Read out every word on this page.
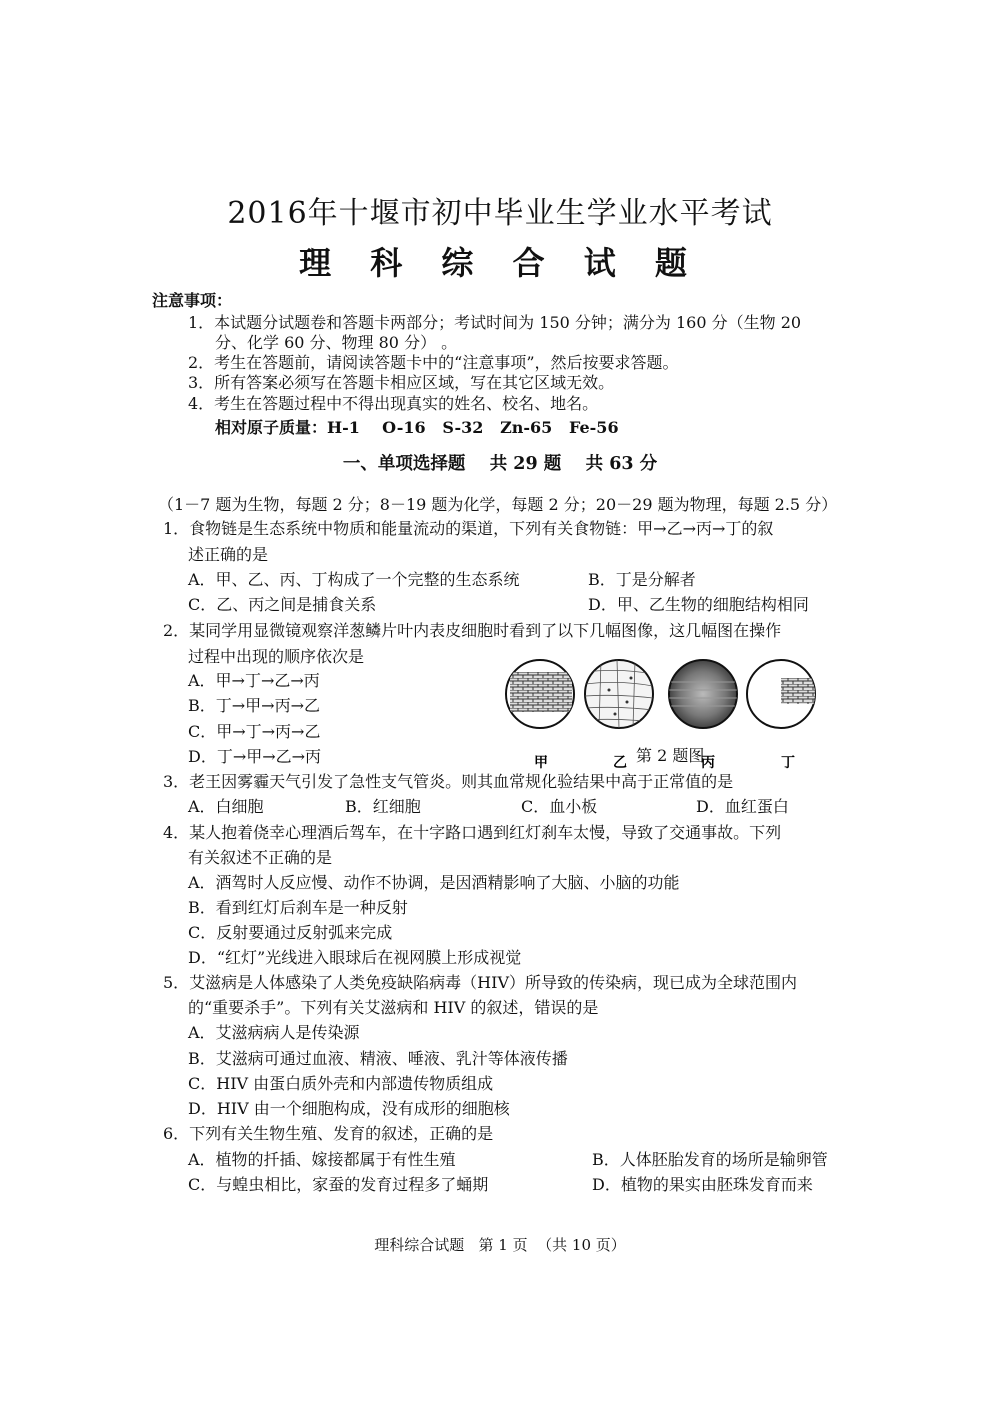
2016年十堰市初中毕业生学业水平考试
理 科 综 合 试 题
注意事项：
1．本试题分试题卷和答题卡两部分；考试时间为 150 分钟；满分为 160 分（生物 20
分、化学 60 分、物理 80 分） 。
2．考生在答题前，请阅读答题卡中的“注意事项”，然后按要求答题。
3．所有答案必须写在答题卡相应区域，写在其它区域无效。
4．考生在答题过程中不得出现真实的姓名、校名、地名。
相对原子质量：H-1    O-16   S-32   Zn-65   Fe-56
一、单项选择题    共 29 题    共 63 分
（1－7 题为生物，每题 2 分；8－19 题为化学，每题 2 分；20－29 题为物理，每题 2.5 分）
1．食物链是生态系统中物质和能量流动的渠道，下列有关食物链：甲→乙→丙→丁的叙
述正确的是
A．甲、乙、丙、丁构成了一个完整的生态系统	B．丁是分解者
C．乙、丙之间是捕食关系	D．甲、乙生物的细胞结构相同
2．某同学用显微镜观察洋葱鳞片叶内表皮细胞时看到了以下几幅图像，这几幅图在操作
过程中出现的顺序依次是
A．甲→丁→乙→丙
B．丁→甲→丙→乙
C．甲→丁→丙→乙
D．丁→甲→乙→丙	甲	乙	丙	丁
第 2 题图
3．老王因雾霾天气引发了急性支气管炎。则其血常规化验结果中高于正常值的是
A．白细胞	B．红细胞	C．血小板	D．血红蛋白
4．某人抱着侥幸心理酒后驾车，在十字路口遇到红灯刹车太慢，导致了交通事故。下列
有关叙述不正确的是
A．酒驾时人反应慢、动作不协调，是因酒精影响了大脑、小脑的功能
B．看到红灯后刹车是一种反射
C．反射要通过反射弧来完成
D．“红灯”光线进入眼球后在视网膜上形成视觉
5．艾滋病是人体感染了人类免疫缺陷病毒（HIV）所导致的传染病，现已成为全球范围内
的“重要杀手”。下列有关艾滋病和 HIV 的叙述，错误的是
A．艾滋病病人是传染源
B．艾滋病可通过血液、精液、唾液、乳汁等体液传播
C．HIV 由蛋白质外壳和内部遗传物质组成
D．HIV 由一个细胞构成，没有成形的细胞核
6．下列有关生物生殖、发育的叙述，正确的是
A．植物的扦插、嫁接都属于有性生殖	B．人体胚胎发育的场所是输卵管
C．与蝗虫相比，家蚕的发育过程多了蛹期	D．植物的果实由胚珠发育而来
理科综合试题   第 1 页  （共 10 页）
